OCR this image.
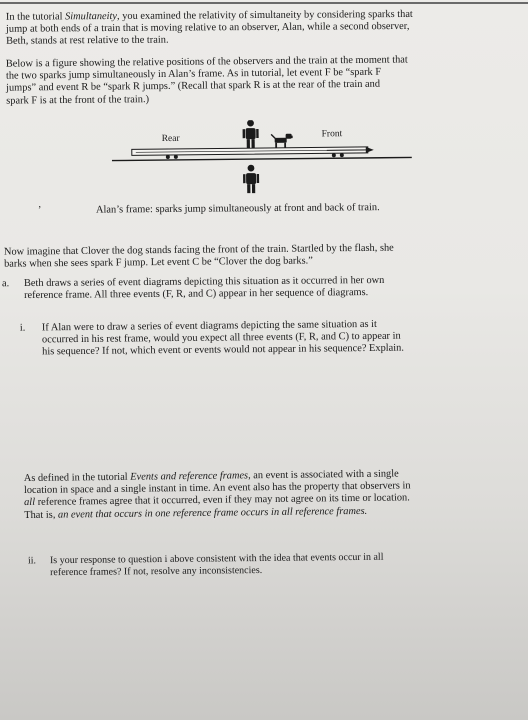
In the tutorial Simultaneity, you examined the relativity of simultaneity by considering sparks that

jump at both ends of a train that is moving relative to an observer, Alan, while a second observer,

Beth, stands at rest relative to the train.

Below is a figure showing the relative positions of the observers and the train at the moment that

the two sparks jump simultaneously in Alan’s frame. As in tutorial, let event F be “spark F

jumps” and event R be “spark R jumps.” (Recall that spark R is at the rear of the train and

spark F is at the front of the train.)

Rear	Front
’	Alan’s frame: sparks jump simultaneously at front and back of train.

Now imagine that Clover the dog stands facing the front of the train. Startled by the flash, she

barks when she sees spark F jump. Let event C be “Clover the dog barks.”

a. Beth draws a series of event diagrams depicting this situation as it occurred in her own

reference frame. All three events (F, R, and C) appear in her sequence of diagrams.

i. If Alan were to draw a series of event diagrams depicting the same situation as it

occurred in his rest frame, would you expect all three events (F, R, and C) to appear in

his sequence? If not, which event or events would not appear in his sequence? Explain.

As defined in the tutorial Events and reference frames, an event is associated with a single

location in space and a single instant in time. An event also has the property that observers in

all reference frames agree that it occurred, even if they may not agree on its time or location.

That is, an event that occurs in one reference frame occurs in all reference frames.

ii. Is your response to question i above consistent with the idea that events occur in all

reference frames? If not, resolve any inconsistencies.
